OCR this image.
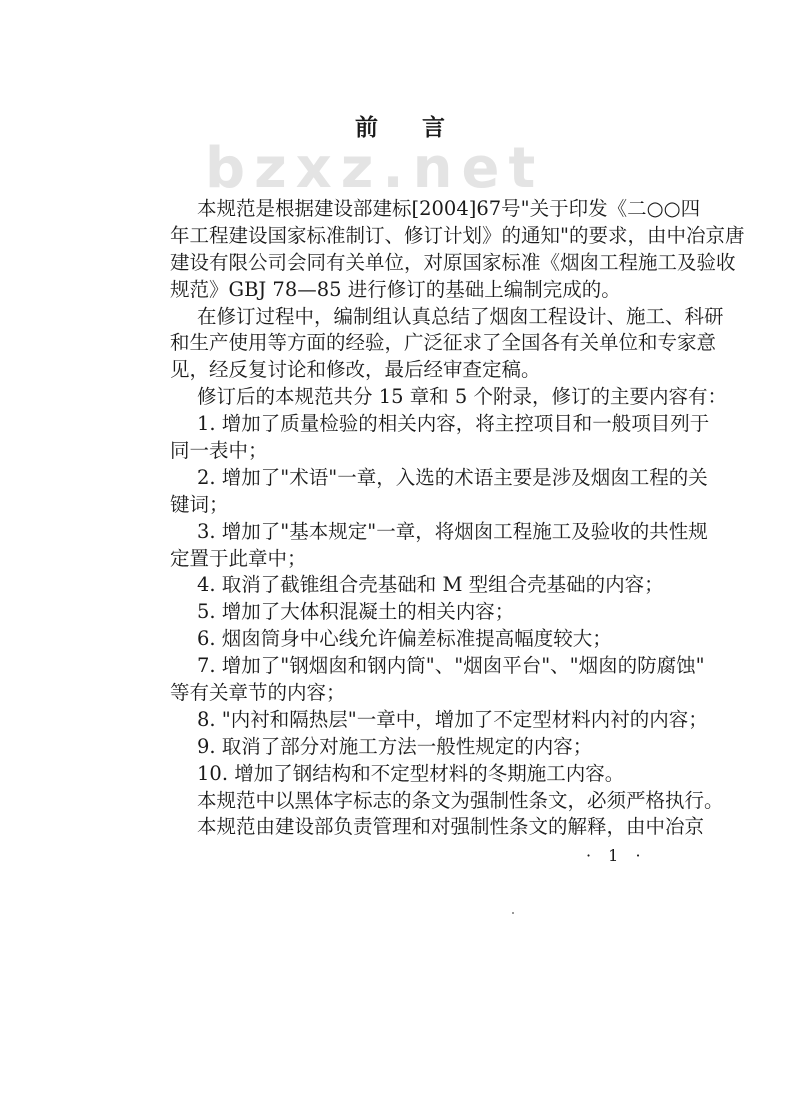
bzxz.net
前言
本规范是根据建设部建标[2004]67号"关于印发《二○○四
年工程建设国家标准制订、修订计划》的通知"的要求，由中冶京唐
建设有限公司会同有关单位，对原国家标准《烟囱工程施工及验收
规范》GBJ 78—85 进行修订的基础上编制完成的。
在修订过程中，编制组认真总结了烟囱工程设计、施工、科研
和生产使用等方面的经验，广泛征求了全国各有关单位和专家意
见，经反复讨论和修改，最后经审查定稿。
修订后的本规范共分 15 章和 5 个附录，修订的主要内容有：
1. 增加了质量检验的相关内容，将主控项目和一般项目列于
同一表中；
2. 增加了"术语"一章，入选的术语主要是涉及烟囱工程的关
键词；
3. 增加了"基本规定"一章，将烟囱工程施工及验收的共性规
定置于此章中；
4. 取消了截锥组合壳基础和 M 型组合壳基础的内容；
5. 增加了大体积混凝土的相关内容；
6. 烟囱筒身中心线允许偏差标准提高幅度较大；
7. 增加了"钢烟囱和钢内筒"、"烟囱平台"、"烟囱的防腐蚀"
等有关章节的内容；
8. "内衬和隔热层"一章中，增加了不定型材料内衬的内容；
9. 取消了部分对施工方法一般性规定的内容；
10. 增加了钢结构和不定型材料的冬期施工内容。
本规范中以黑体字标志的条文为强制性条文，必须严格执行。
本规范由建设部负责管理和对强制性条文的解释，由中冶京
· 1 ·
